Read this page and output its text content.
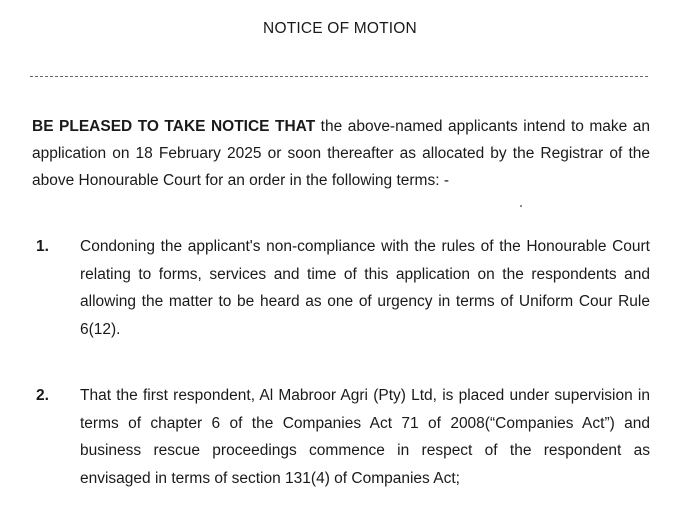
NOTICE OF MOTION
BE PLEASED TO TAKE NOTICE THAT the above-named applicants intend to make an application on 18 February 2025 or soon thereafter as allocated by the Registrar of the above Honourable Court for an order in the following terms: -
1. Condoning the applicant's non-compliance with the rules of the Honourable Court relating to forms, services and time of this application on the respondents and allowing the matter to be heard as one of urgency in terms of Uniform Cour Rule 6(12).
2. That the first respondent, Al Mabroor Agri (Pty) Ltd, is placed under supervision in terms of chapter 6 of the Companies Act 71 of 2008(“Companies Act”) and business rescue proceedings commence in respect of the respondent as envisaged in terms of section 131(4) of Companies Act;
